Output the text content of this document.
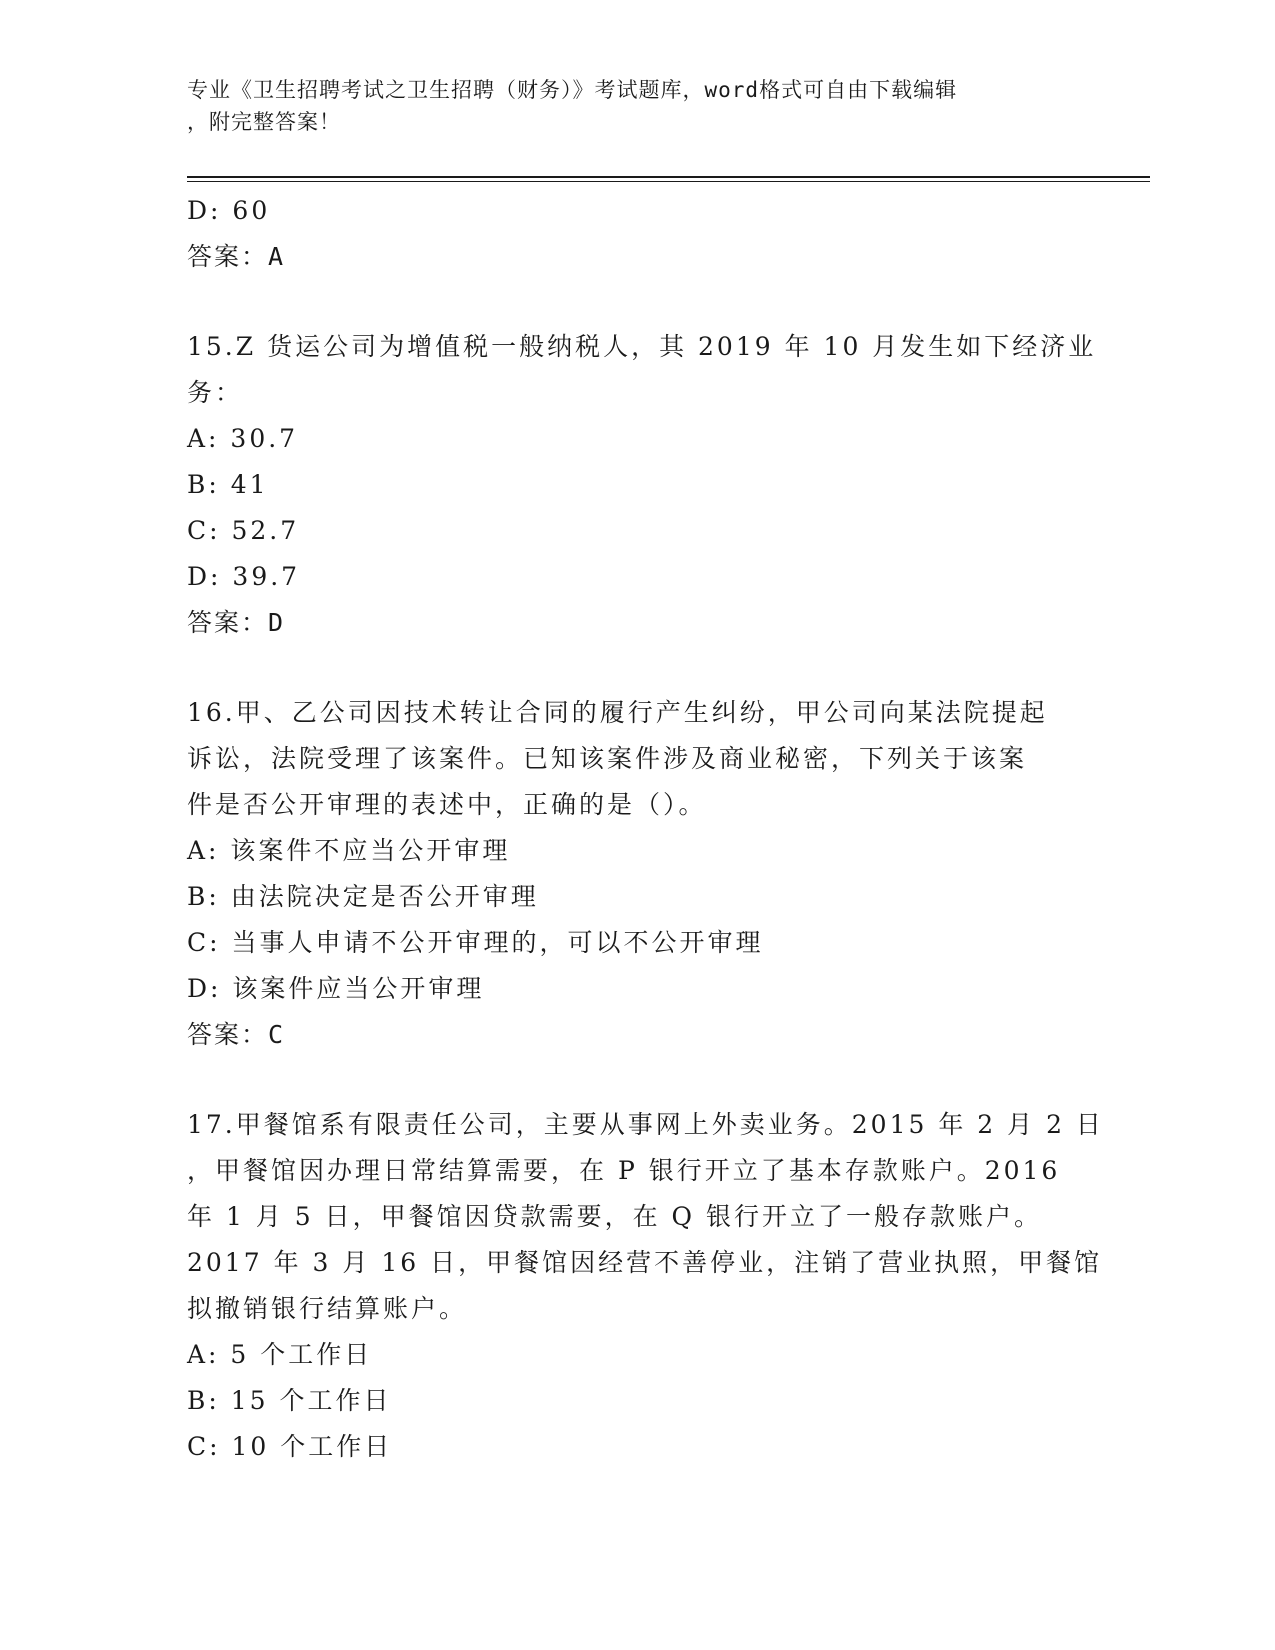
专业《卫生招聘考试之卫生招聘（财务）》考试题库，word格式可自由下载编辑
，附完整答案！
D: 60
答案：A
15.Z 货运公司为增值税一般纳税人，其 2019 年 10 月发生如下经济业
务：
A: 30.7
B: 41
C: 52.7
D: 39.7
答案：D
16.甲、乙公司因技术转让合同的履行产生纠纷，甲公司向某法院提起
诉讼，法院受理了该案件。已知该案件涉及商业秘密，下列关于该案
件是否公开审理的表述中，正确的是（）。
A: 该案件不应当公开审理
B: 由法院决定是否公开审理
C: 当事人申请不公开审理的，可以不公开审理
D: 该案件应当公开审理
答案：C
17.甲餐馆系有限责任公司，主要从事网上外卖业务。2015 年 2 月 2 日
，甲餐馆因办理日常结算需要，在 P 银行开立了基本存款账户。2016
年 1 月 5 日，甲餐馆因贷款需要，在 Q 银行开立了一般存款账户。
2017 年 3 月 16 日，甲餐馆因经营不善停业，注销了营业执照，甲餐馆
拟撤销银行结算账户。
A: 5 个工作日
B: 15 个工作日
C: 10 个工作日
